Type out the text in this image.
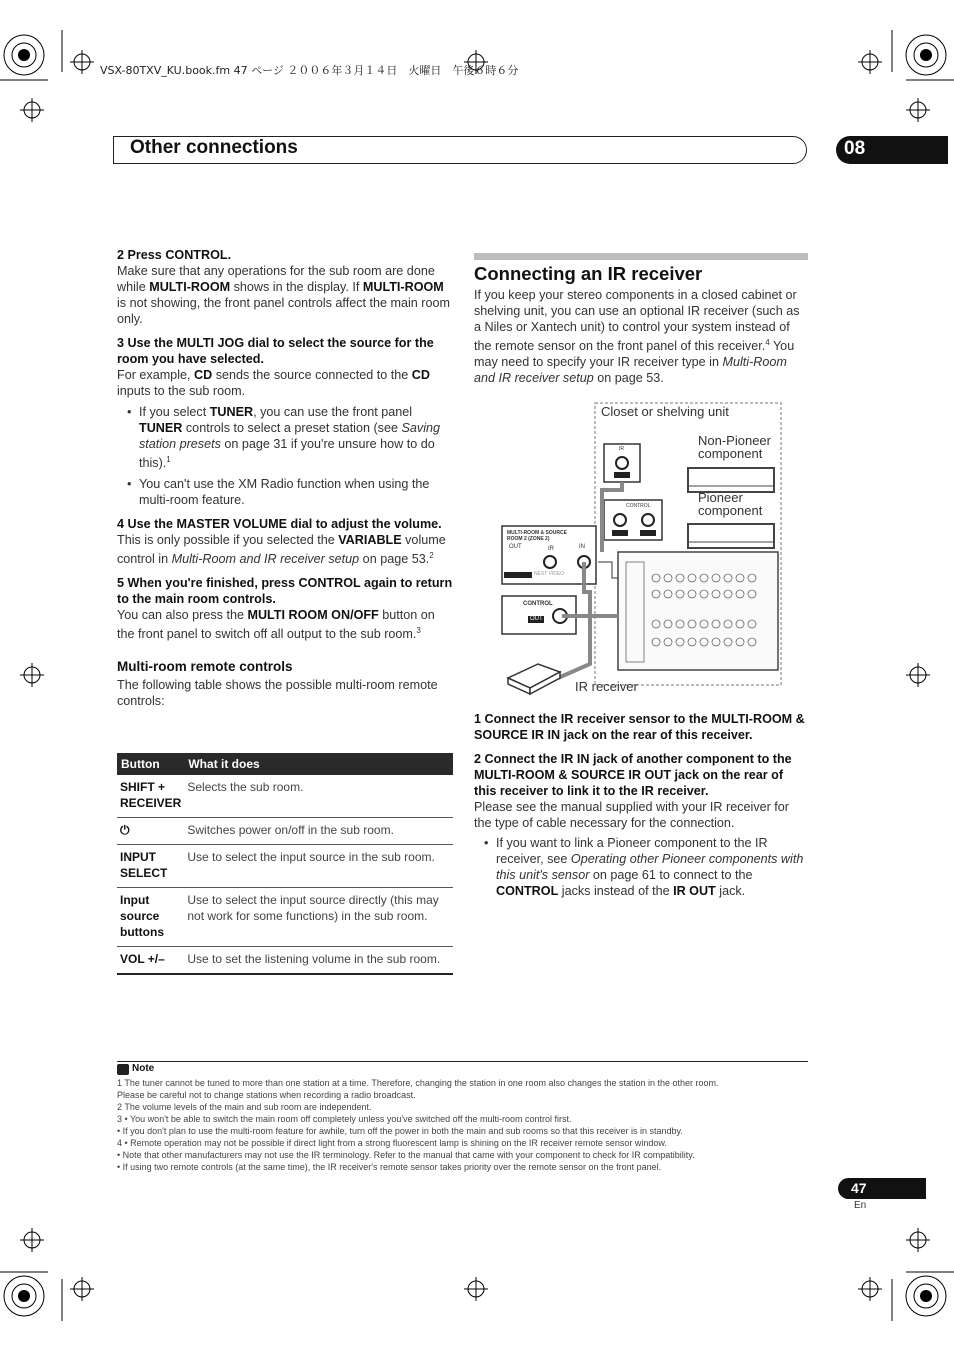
VSX-80TXV_KU.book.fm 47 ページ ２００６年３月１４日　火曜日　午後６時６分
Other connections	08

2 Press CONTROL.

Make sure that any operations for the sub room are done while MULTI-ROOM shows in the display. If MULTI-ROOM is not showing, the front panel controls affect the main room only.

3 Use the MULTI JOG dial to select the source for the room you have selected.

For example, CD sends the source connected to the CD inputs to the sub room.

• If you select TUNER, you can use the front panel TUNER controls to select a preset station (see Saving station presets on page 31 if you're unsure how to do this).$^1$

• You can't use the XM Radio function when using the multi-room feature.

4 Use the MASTER VOLUME dial to adjust the volume.

This is only possible if you selected the VARIABLE volume control in Multi-Room and IR receiver setup on page 53.$^2$

5 When you're finished, press CONTROL again to return to the main room controls.

You can also press the MULTI ROOM ON/OFF button on the front panel to switch off all output to the sub room.$^3$

Multi-room remote controls

The following table shows the possible multi-room remote controls:

Button	What it does
SHIFT +
RECEIVER	Selects the sub room.
⏻	Switches power on/off in the sub room.
INPUT
SELECT	Use to select the input source in the sub room.
Input
source
buttons	Use to select the input source directly (this may not work for some functions) in the sub room.
VOL +/–	Use to set the listening volume in the sub room.
Connecting an IR receiver

If you keep your stereo components in a closed cabinet or shelving unit, you can use an optional IR receiver (such as a Niles or Xantech unit) to control your system instead of the remote sensor on the front panel of this receiver.$^4$ You may need to specify your IR receiver type in Multi-Room and IR receiver setup on page 53.

Closet or shelving unit
Non-Pioneer
component
Pioneer
component
IR receiver
IR
CONTROL
MULTI-ROOM & SOURCE
ROOM 2 (ZONE 2)
OUT	IR	IN
NEXT VIDEO
CONTROL
OUT

1 Connect the IR receiver sensor to the MULTI-ROOM & SOURCE IR IN jack on the rear of this receiver.

2 Connect the IR IN jack of another component to the MULTI-ROOM & SOURCE IR OUT jack on the rear of this receiver to link it to the IR receiver.

Please see the manual supplied with your IR receiver for the type of cable necessary for the connection.

• If you want to link a Pioneer component to the IR receiver, see Operating other Pioneer components with this unit's sensor on page 61 to connect to the CONTROL jacks instead of the IR OUT jack.

Note

1 The tuner cannot be tuned to more than one station at a time. Therefore, changing the station in one room also changes the station in the other room.

Please be careful not to change stations when recording a radio broadcast.

2 The volume levels of the main and sub room are independent.

3 • You won't be able to switch the main room off completely unless you've switched off the multi-room control first.

• If you don't plan to use the multi-room feature for awhile, turn off the power in both the main and sub rooms so that this receiver is in standby.

4 • Remote operation may not be possible if direct light from a strong fluorescent lamp is shining on the IR receiver remote sensor window.

• Note that other manufacturers may not use the IR terminology. Refer to the manual that came with your component to check for IR compatibility.

• If using two remote controls (at the same time), the IR receiver's remote sensor takes priority over the remote sensor on the front panel.

47
En
